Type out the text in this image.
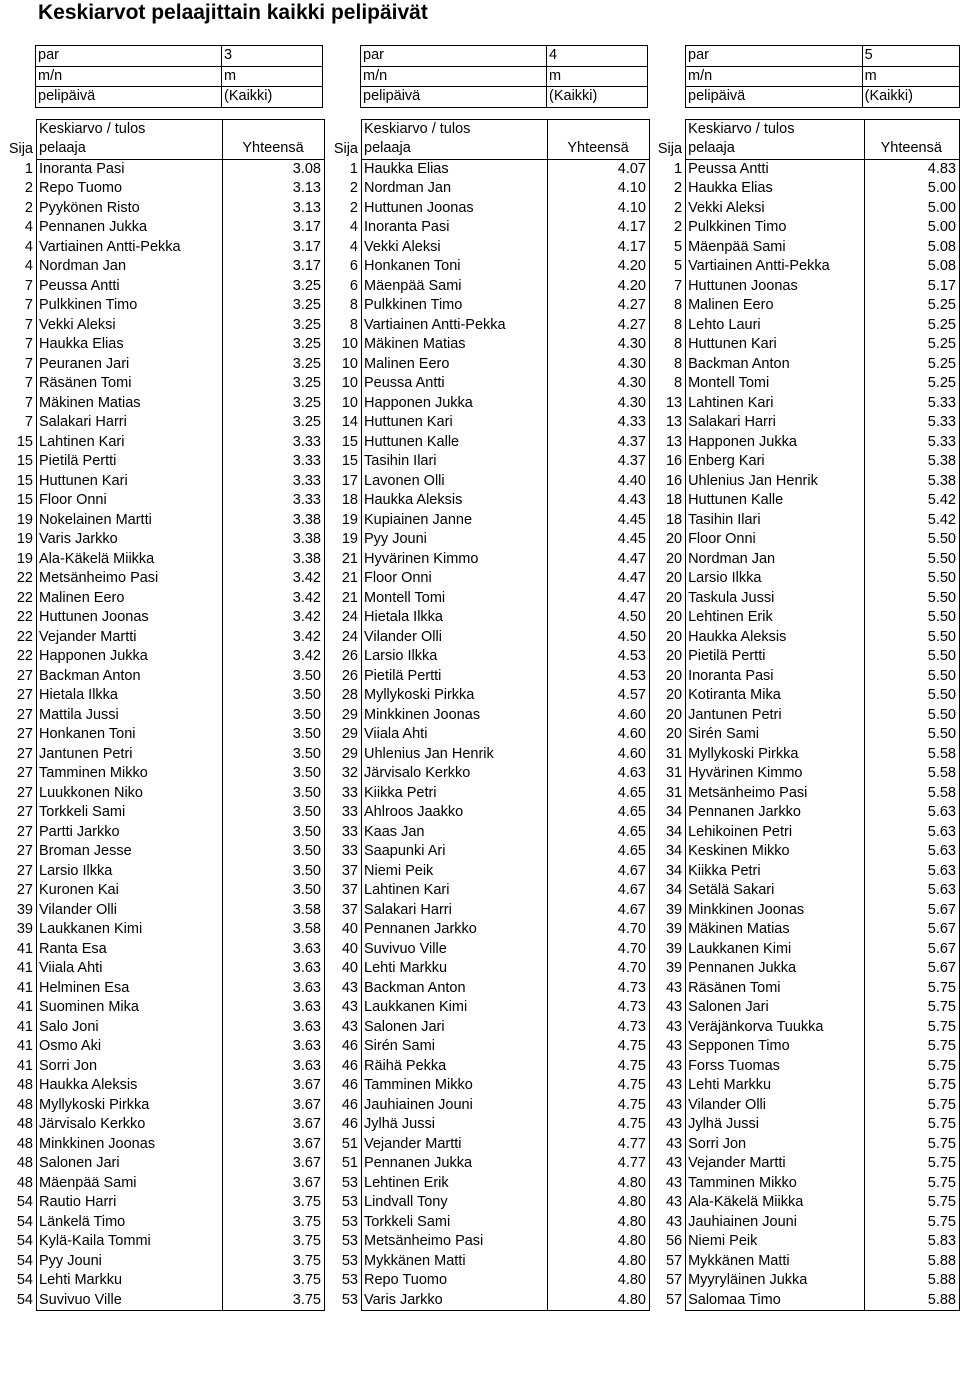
Keskiarvot pelaajittain kaikki pelipäivät
par	3
m/n	m
pelipäivä	(Kaikki)
	Keskiarvo / tulos	
Sija	pelaaja	Yhteensä
1	Inoranta Pasi	3.08
2	Repo Tuomo	3.13
2	Pyykönen Risto	3.13
4	Pennanen Jukka	3.17
4	Vartiainen Antti-Pekka	3.17
4	Nordman Jan	3.17
7	Peussa Antti	3.25
7	Pulkkinen Timo	3.25
7	Vekki Aleksi	3.25
7	Haukka Elias	3.25
7	Peuranen Jari	3.25
7	Räsänen Tomi	3.25
7	Mäkinen Matias	3.25
7	Salakari Harri	3.25
15	Lahtinen Kari	3.33
15	Pietilä Pertti	3.33
15	Huttunen Kari	3.33
15	Floor Onni	3.33
19	Nokelainen Martti	3.38
19	Varis Jarkko	3.38
19	Ala-Käkelä Miikka	3.38
22	Metsänheimo Pasi	3.42
22	Malinen Eero	3.42
22	Huttunen Joonas	3.42
22	Vejander Martti	3.42
22	Happonen Jukka	3.42
27	Backman Anton	3.50
27	Hietala Ilkka	3.50
27	Mattila Jussi	3.50
27	Honkanen Toni	3.50
27	Jantunen Petri	3.50
27	Tamminen Mikko	3.50
27	Luukkonen Niko	3.50
27	Torkkeli Sami	3.50
27	Partti Jarkko	3.50
27	Broman Jesse	3.50
27	Larsio Ilkka	3.50
27	Kuronen Kai	3.50
39	Vilander Olli	3.58
39	Laukkanen Kimi	3.58
41	Ranta Esa	3.63
41	Viiala Ahti	3.63
41	Helminen Esa	3.63
41	Suominen Mika	3.63
41	Salo Joni	3.63
41	Osmo Aki	3.63
41	Sorri Jon	3.63
48	Haukka Aleksis	3.67
48	Myllykoski Pirkka	3.67
48	Järvisalo Kerkko	3.67
48	Minkkinen Joonas	3.67
48	Salonen Jari	3.67
48	Mäenpää Sami	3.67
54	Rautio Harri	3.75
54	Länkelä Timo	3.75
54	Kylä-Kaila Tommi	3.75
54	Pyy Jouni	3.75
54	Lehti Markku	3.75
54	Suvivuo Ville	3.75
par	4
m/n	m
pelipäivä	(Kaikki)
	Keskiarvo / tulos	
Sija	pelaaja	Yhteensä
1	Haukka Elias	4.07
2	Nordman Jan	4.10
2	Huttunen Joonas	4.10
4	Inoranta Pasi	4.17
4	Vekki Aleksi	4.17
6	Honkanen Toni	4.20
6	Mäenpää Sami	4.20
8	Pulkkinen Timo	4.27
8	Vartiainen Antti-Pekka	4.27
10	Mäkinen Matias	4.30
10	Malinen Eero	4.30
10	Peussa Antti	4.30
10	Happonen Jukka	4.30
14	Huttunen Kari	4.33
15	Huttunen Kalle	4.37
15	Tasihin Ilari	4.37
17	Lavonen Olli	4.40
18	Haukka Aleksis	4.43
19	Kupiainen Janne	4.45
19	Pyy Jouni	4.45
21	Hyvärinen Kimmo	4.47
21	Floor Onni	4.47
21	Montell Tomi	4.47
24	Hietala Ilkka	4.50
24	Vilander Olli	4.50
26	Larsio Ilkka	4.53
26	Pietilä Pertti	4.53
28	Myllykoski Pirkka	4.57
29	Minkkinen Joonas	4.60
29	Viiala Ahti	4.60
29	Uhlenius Jan Henrik	4.60
32	Järvisalo Kerkko	4.63
33	Kiikka Petri	4.65
33	Ahlroos Jaakko	4.65
33	Kaas Jan	4.65
33	Saapunki Ari	4.65
37	Niemi Peik	4.67
37	Lahtinen Kari	4.67
37	Salakari Harri	4.67
40	Pennanen Jarkko	4.70
40	Suvivuo Ville	4.70
40	Lehti Markku	4.70
43	Backman Anton	4.73
43	Laukkanen Kimi	4.73
43	Salonen Jari	4.73
46	Sirén Sami	4.75
46	Räihä Pekka	4.75
46	Tamminen Mikko	4.75
46	Jauhiainen Jouni	4.75
46	Jylhä Jussi	4.75
51	Vejander Martti	4.77
51	Pennanen Jukka	4.77
53	Lehtinen Erik	4.80
53	Lindvall Tony	4.80
53	Torkkeli Sami	4.80
53	Metsänheimo Pasi	4.80
53	Mykkänen Matti	4.80
53	Repo Tuomo	4.80
53	Varis Jarkko	4.80
par	5
m/n	m
pelipäivä	(Kaikki)
	Keskiarvo / tulos	
Sija	pelaaja	Yhteensä
1	Peussa Antti	4.83
2	Haukka Elias	5.00
2	Vekki Aleksi	5.00
2	Pulkkinen Timo	5.00
5	Mäenpää Sami	5.08
5	Vartiainen Antti-Pekka	5.08
7	Huttunen Joonas	5.17
8	Malinen Eero	5.25
8	Lehto Lauri	5.25
8	Huttunen Kari	5.25
8	Backman Anton	5.25
8	Montell Tomi	5.25
13	Lahtinen Kari	5.33
13	Salakari Harri	5.33
13	Happonen Jukka	5.33
16	Enberg Kari	5.38
16	Uhlenius Jan Henrik	5.38
18	Huttunen Kalle	5.42
18	Tasihin Ilari	5.42
20	Floor Onni	5.50
20	Nordman Jan	5.50
20	Larsio Ilkka	5.50
20	Taskula Jussi	5.50
20	Lehtinen Erik	5.50
20	Haukka Aleksis	5.50
20	Pietilä Pertti	5.50
20	Inoranta Pasi	5.50
20	Kotiranta Mika	5.50
20	Jantunen Petri	5.50
20	Sirén Sami	5.50
31	Myllykoski Pirkka	5.58
31	Hyvärinen Kimmo	5.58
31	Metsänheimo Pasi	5.58
34	Pennanen Jarkko	5.63
34	Lehikoinen Petri	5.63
34	Keskinen Mikko	5.63
34	Kiikka Petri	5.63
34	Setälä Sakari	5.63
39	Minkkinen Joonas	5.67
39	Mäkinen Matias	5.67
39	Laukkanen Kimi	5.67
39	Pennanen Jukka	5.67
43	Räsänen Tomi	5.75
43	Salonen Jari	5.75
43	Veräjänkorva Tuukka	5.75
43	Sepponen Timo	5.75
43	Forss Tuomas	5.75
43	Lehti Markku	5.75
43	Vilander Olli	5.75
43	Jylhä Jussi	5.75
43	Sorri Jon	5.75
43	Vejander Martti	5.75
43	Tamminen Mikko	5.75
43	Ala-Käkelä Miikka	5.75
43	Jauhiainen Jouni	5.75
56	Niemi Peik	5.83
57	Mykkänen Matti	5.88
57	Myyryläinen Jukka	5.88
57	Salomaa Timo	5.88
